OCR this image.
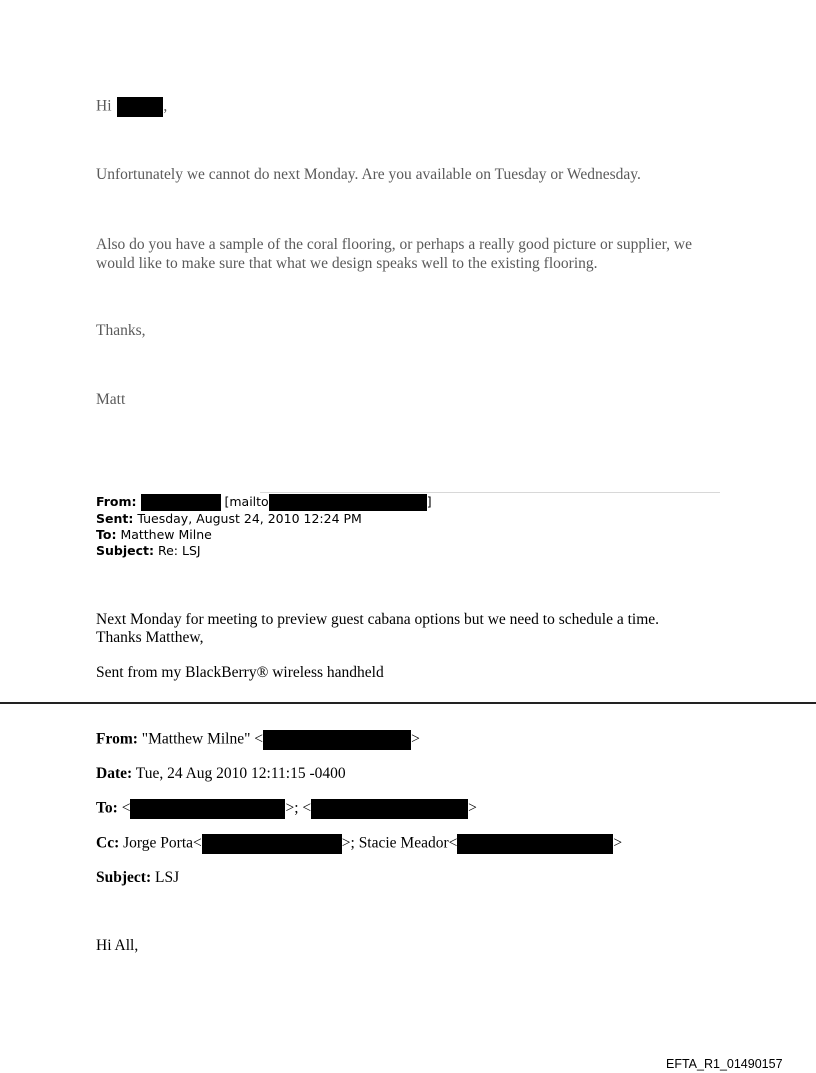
Hi	,
Unfortunately we cannot do next Monday. Are you available on Tuesday or Wednesday.
Also do you have a sample of the coral flooring, or perhaps a really good picture or supplier, we
would like to make sure that what we design speaks well to the existing flooring.
Thanks,
Matt
From:	[mailto	]
Sent: Tuesday, August 24, 2010 12:24 PM
To: Matthew Milne
Subject: Re: LSJ
Next Monday for meeting to preview guest cabana options but we need to schedule a time.
Thanks Matthew,
Sent from my BlackBerry® wireless handheld
From: "Matthew Milne" <	>
Date: Tue, 24 Aug 2010 12:11:15 -0400
To: <	>; <	>
Cc: Jorge Porta<	>; Stacie Meador<	>
Subject: LSJ
Hi All,
EFTA_R1_01490157
